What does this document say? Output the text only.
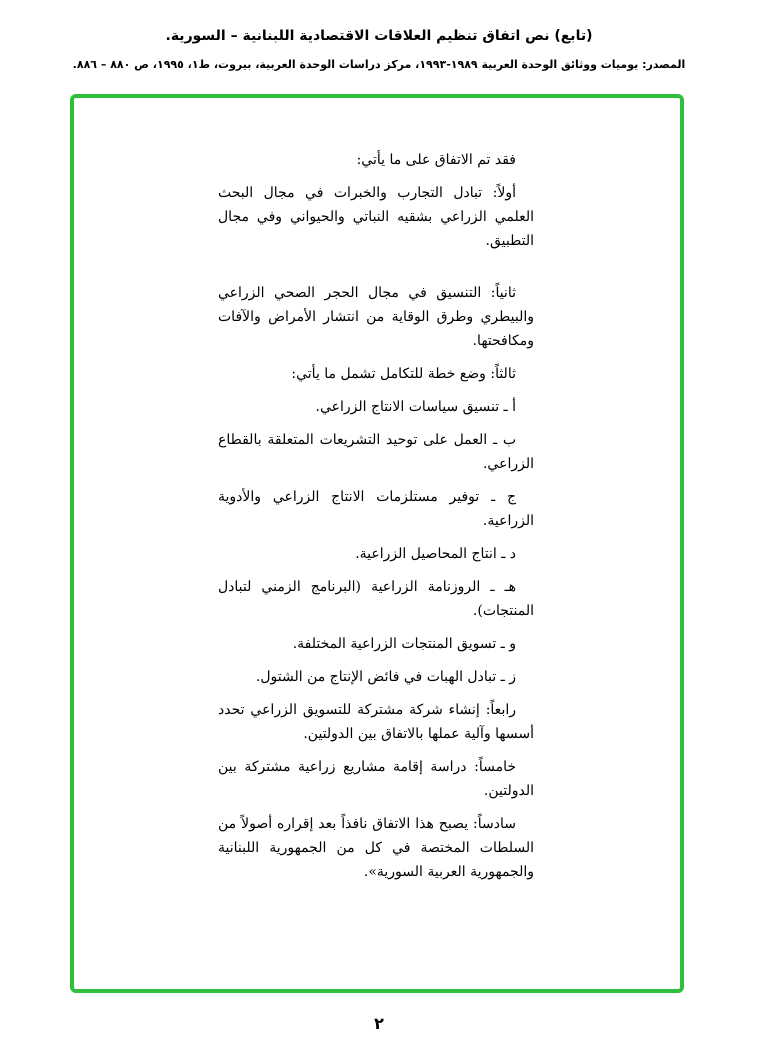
(تابع) نص اتفاق تنظيم العلاقات الاقتصادية اللبنانية – السورية.
المصدر: يوميات ووثائق الوحدة العربية ١٩٨٩-١٩٩٣، مركز دراسات الوحدة العربية، بيروت، ط١، ١٩٩٥، ص ٨٨٠ – ٨٨٦.

فقد تم الاتفاق على ما يأتي:

أولاً: تبادل التجارب والخبرات في مجال البحث العلمي الزراعي بشقيه النباتي والحيواني وفي مجال التطبيق.

ثانياً: التنسيق في مجال الحجر الصحي الزراعي والبيطري وطرق الوقاية من انتشار الأمراض والآفات ومكافحتها.

ثالثاً: وضع خطة للتكامل تشمل ما يأتي:

أ ـ تنسيق سياسات الانتاج الزراعي.

ب ـ العمل على توحيد التشريعات المتعلقة بالقطاع الزراعي.

ج ـ توفير مستلزمات الانتاج الزراعي والأدوية الزراعية.

د ـ انتاج المحاصيل الزراعية.

هـ ـ الروزنامة الزراعية (البرنامج الزمني لتبادل المنتجات).

و ـ تسويق المنتجات الزراعية المختلفة.

ز ـ تبادل الهبات في فائض الإنتاج من الشتول.

رابعاً: إنشاء شركة مشتركة للتسويق الزراعي تحدد أسسها وآلية عملها بالاتفاق بين الدولتين.

خامساً: دراسة إقامة مشاريع زراعية مشتركة بين الدولتين.

سادساً: يصبح هذا الاتفاق نافذاً بعد إقراره أصولاً من السلطات المختصة في كل من الجمهورية اللبنانية والجمهورية العربية السورية».

٢
